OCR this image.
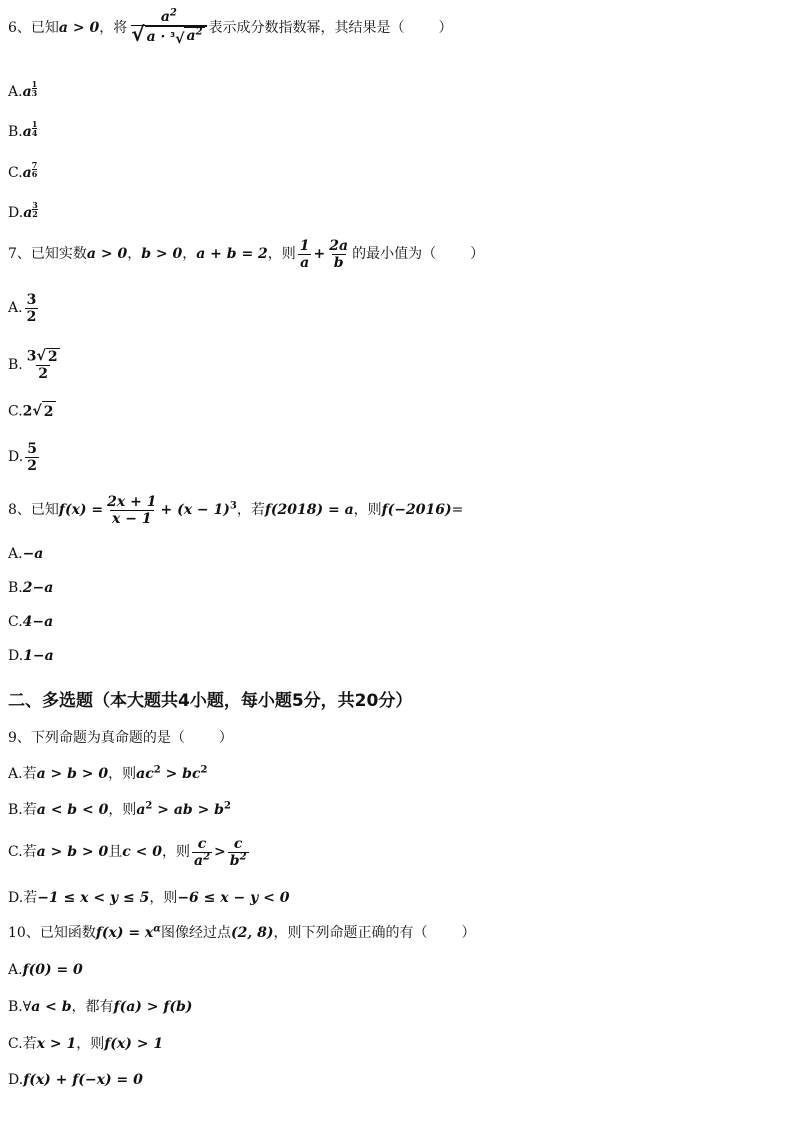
6、已知a > 0，将 $\frac{a^2}{√ a \cdot ^3√ a^2}$ 表示成分数指数幂，其结果是（ ）
$A.a \frac{1}{3}$
$B.a \frac{1}{4}$
$C.a \frac{7}{6}$
$D.a \frac{3}{2}$
7、已知实数a > 0，b > 0，a + b = 2，则 $\frac{1}{a} + \frac{2a}{b}$ 的最小值为（ ）
A. $\frac{3}{2}$
B. $\frac{3 √ 2}{2}$
C.2 √ 2
D. $\frac{5}{2}$
8、已知$f(x) = \frac{2x + 1}{x - 1} + (x - 1)^3$，若f(2018) = a，则f(−2016)=
A.−a
B.2−a
C.4−a
D.1−a
二、多选题（本大题共4小题，每小题5分，共20分）
9、下列命题为真命题的是（ ）
A.若a > b > 0，则$ac^2 > bc^2$
B.若a < b < 0，则$a^2$ > ab > $b^2$
C.若a > b > 0且c < 0，则 $\frac{c}{a^2} > \frac{c}{b^2}$
D.若−1 ≤ x < y ≤ 5，则−6 ≤ x − y < 0
10、已知函数$f(x) = x^\alpha$图像经过点(2, 8)，则下列命题正确的有（ ）
A.f(0) = 0
B.∀a < b，都有f(a) > f(b)
C.若x > 1，则f(x) > 1
D.f(x) + f(−x) = 0
